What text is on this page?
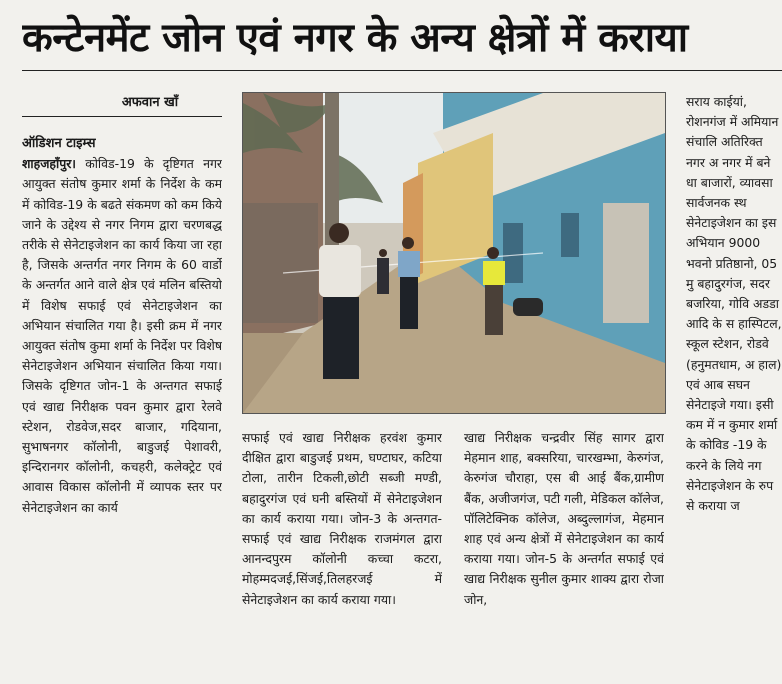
कन्टेनमेंट जोन एवं नगर के अन्य क्षेत्रों में कराया
अफवान खाँ

ऑडिशन टाइम्स

शाहजहाँपुर। कोविड-19 के दृष्टिगत नगर आयुक्त संतोष कुमार शर्मा के निर्देश के कम में कोविड-19 के बढते संकमण को कम किये जाने के उद्देश्य से नगर निगम द्वारा चरणबद्ध तरीके से सेनेटाइजेशन का कार्य किया जा रहा है, जिसके अन्तर्गत नगर निगम के 60 वार्डो के अन्तर्गत आने वाले क्षेत्र एवं मलिन बस्तियो में विशेष सफाई एवं सेनेटाइजेशन का अभियान संचालित गया है। इसी क्रम में नगर आयुक्त संतोष कुमा शर्मा के निर्देश पर विशेष सेनेटाइजेशन अभियान संचालित किया गया। जिसके दृष्टिगत जोन-1 के अन्तगत सफाई एवं खाद्य निरीक्षक पवन कुमार द्वारा रेलवे स्टेशन, रोडवेज,सदर बाजार, गदियाना, सुभाषनगर कॉलोनी, बाडुजई पेशावरी, इन्दिरानगर कॉलोनी, कचहरी, कलेक्ट्रेट एवं आवास विकास कॉलोनी में व्यापक स्तर पर सेनेटाइजेशन का कार्य

सफाई एवं खाद्य निरीक्षक हरवंश कुमार दीक्षित द्वारा बाडुजई प्रथम, घण्टाघर, कटिया टोला, तारीन टिकली,छोटी सब्जी मण्डी, बहादुरगंज एवं घनी बस्तियों में सेनेटाइजेशन का कार्य कराया गया। जोन-3 के अन्तगत-सफाई एवं खाद्य निरीक्षक राजमंगल द्वारा आनन्दपुरम कॉलोनी कच्चा कटरा, मोहम्मदजई,सिंजई,तिलहरजई में सेनेटाइजेशन का कार्य कराया गया।

खाद्य निरीक्षक चन्द्रवीर सिंह सागर द्वारा मेहमान शाह, बक्सरिया, चारखम्भा, केरुगंज, केरुगंज चौराहा, एस बी आई बैंक,ग्रामीण बैंक, अजीजगंज, पटी गली, मेडिकल कॉलेज, पॉलिटेक्निक कॉलेज, अब्दुल्लागंज, मेहमान शाह एवं अन्य क्षेत्रों में सेनेटाइजेशन का कार्य कराया गया। जोन-5 के अन्तर्गत सफाई एवं खाद्य निरीक्षक सुनील कुमार शाक्य द्वारा रोजा जोन,

सराय काईयां, रोशनगंज में अमियान संचालि अतिरिक्त नगर अ नगर में बने धा बाजारों, व्यावसा सार्वजनक स्थ सेनेटाइजेशन का इस अभियान 9000 भवनो प्रतिष्ठानो, 05 मु बहादुरगंज, सदर बजरिया, गोवि अडडा आदि के स हास्पिटल, स्कूल स्टेशन, रोडवे (हनुमतधाम, अ हाल) एवं आब सघन सेनेटाइजे गया। इसी कम में न कुमार शर्मा के कोविड -19 के करने के लिये नग सेनेटाइजेशन के रुप से कराया ज
